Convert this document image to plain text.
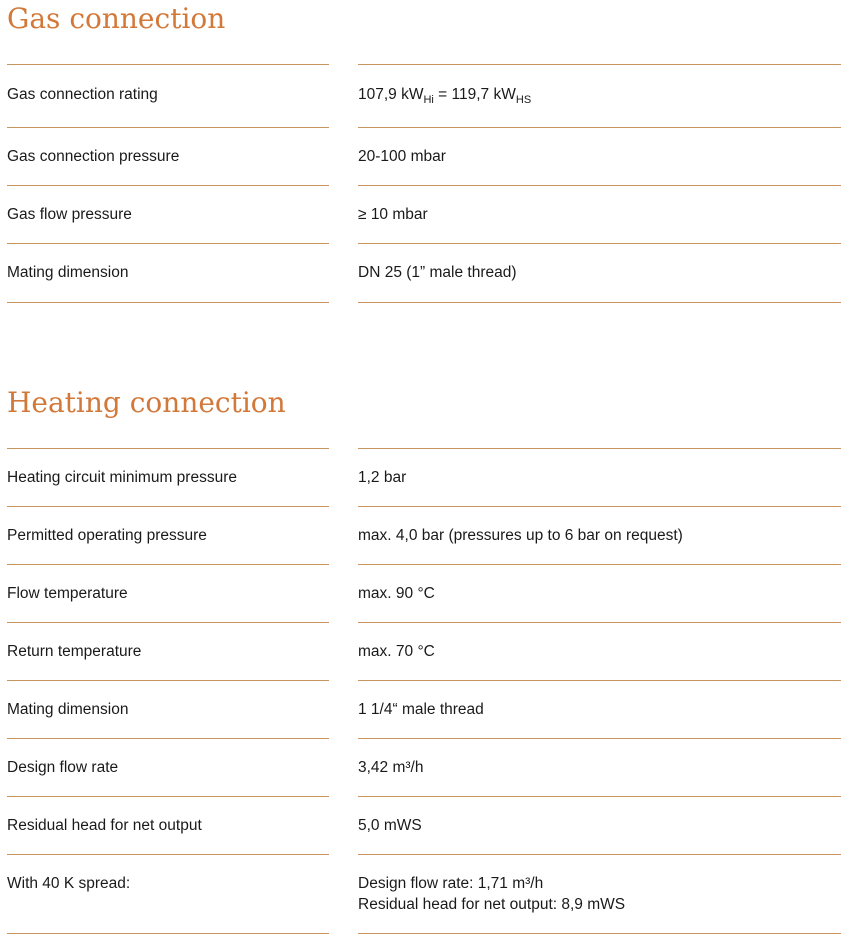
Gas connection
Gas connection rating	107,9 $kW_{Hi} = 119,7$ $kW_{HS}$
Gas connection pressure	20-100 mbar
Gas flow pressure	≥ 10 mbar
Mating dimension	DN 25 (1” male thread)
Heating connection
Heating circuit minimum pressure	1,2 bar
Permitted operating pressure	max. 4,0 bar (pressures up to 6 bar on request)
Flow temperature	max. 90 °C
Return temperature	max. 70 °C
Mating dimension	1 1/4“ male thread
Design flow rate	3,42 m³/h
Residual head for net output	5,0 mWS
With 40 K spread:	Design flow rate: 1,71 m³/h
Residual head for net output: 8,9 mWS
